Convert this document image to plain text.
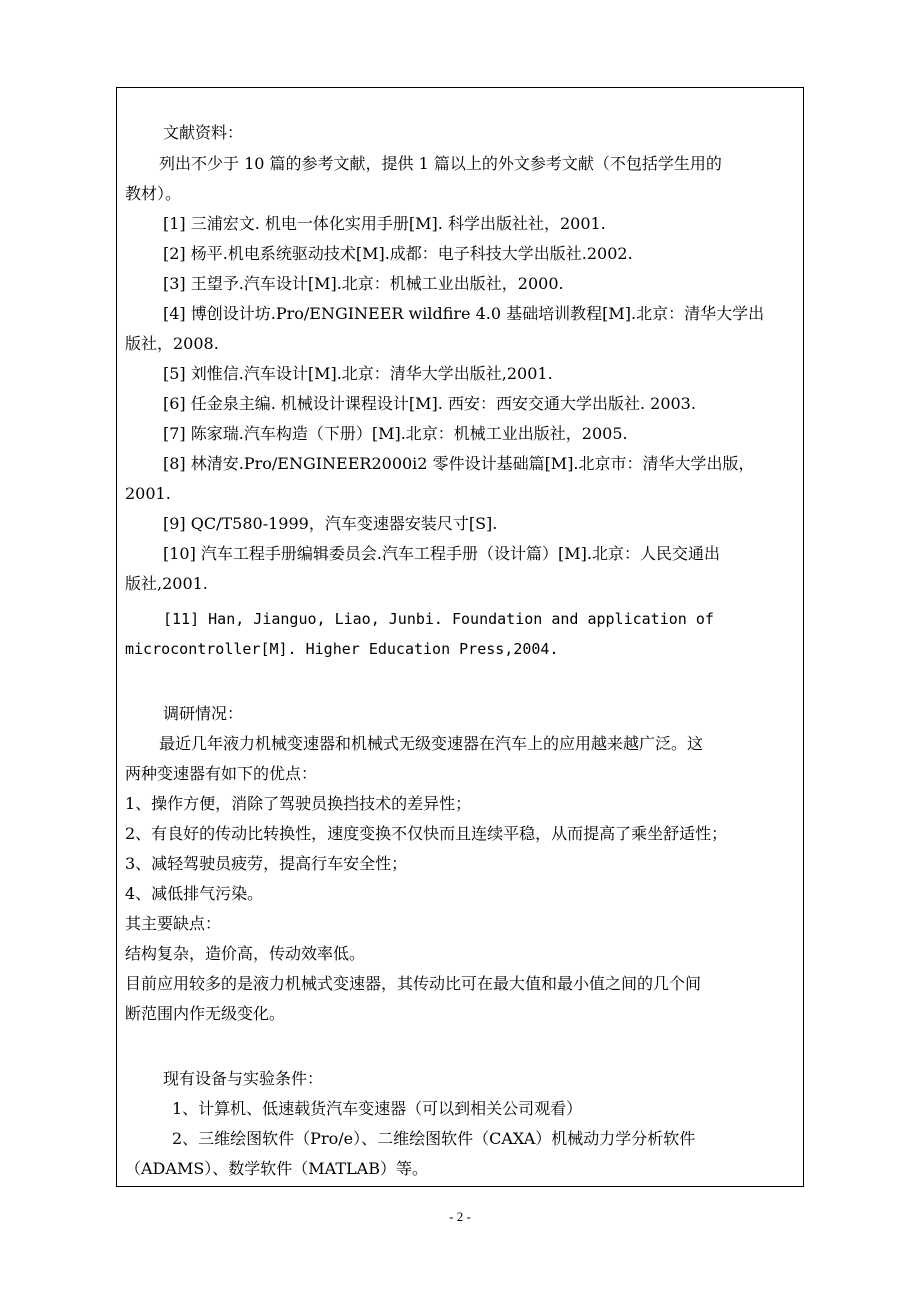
文献资料：
列出不少于 10 篇的参考文献，提供 1 篇以上的外文参考文献（不包括学生用的
教材）。
[1] 三浦宏文. 机电一体化实用手册[M]. 科学出版社社，2001.
[2] 杨平.机电系统驱动技术[M].成都：电子科技大学出版社.2002.
[3] 王望予.汽车设计[M].北京：机械工业出版社，2000.
[4] 博创设计坊.Pro/ENGINEER wildfire 4.0 基础培训教程[M].北京：清华大学出
版社，2008.
[5] 刘惟信.汽车设计[M].北京：清华大学出版社,2001.
[6] 任金泉主编. 机械设计课程设计[M]. 西安：西安交通大学出版社. 2003.
[7] 陈家瑞.汽车构造（下册）[M].北京：机械工业出版社，2005.
[8] 林清安.Pro/ENGINEER2000i2 零件设计基础篇[M].北京市：清华大学出版，
2001.
[9] QC/T580-1999，汽车变速器安装尺寸[S].
[10] 汽车工程手册编辑委员会.汽车工程手册（设计篇）[M].北京：人民交通出
版社,2001.
[11] Han, Jianguo, Liao, Junbi. Foundation and application of
microcontroller[M]. Higher Education Press,2004.
调研情况：
最近几年液力机械变速器和机械式无级变速器在汽车上的应用越来越广泛。这
两种变速器有如下的优点：
1、操作方便，消除了驾驶员换挡技术的差异性；
2、有良好的传动比转换性，速度变换不仅快而且连续平稳，从而提高了乘坐舒适性；
3、减轻驾驶员疲劳，提高行车安全性；
4、减低排气污染。
其主要缺点：
结构复杂，造价高，传动效率低。
目前应用较多的是液力机械式变速器，其传动比可在最大值和最小值之间的几个间
断范围内作无级变化。
现有设备与实验条件：
1、计算机、低速载货汽车变速器（可以到相关公司观看）
2、三维绘图软件（Pro/e）、二维绘图软件（CAXA）机械动力学分析软件
（ADAMS）、数学软件（MATLAB）等。
- 2 -
